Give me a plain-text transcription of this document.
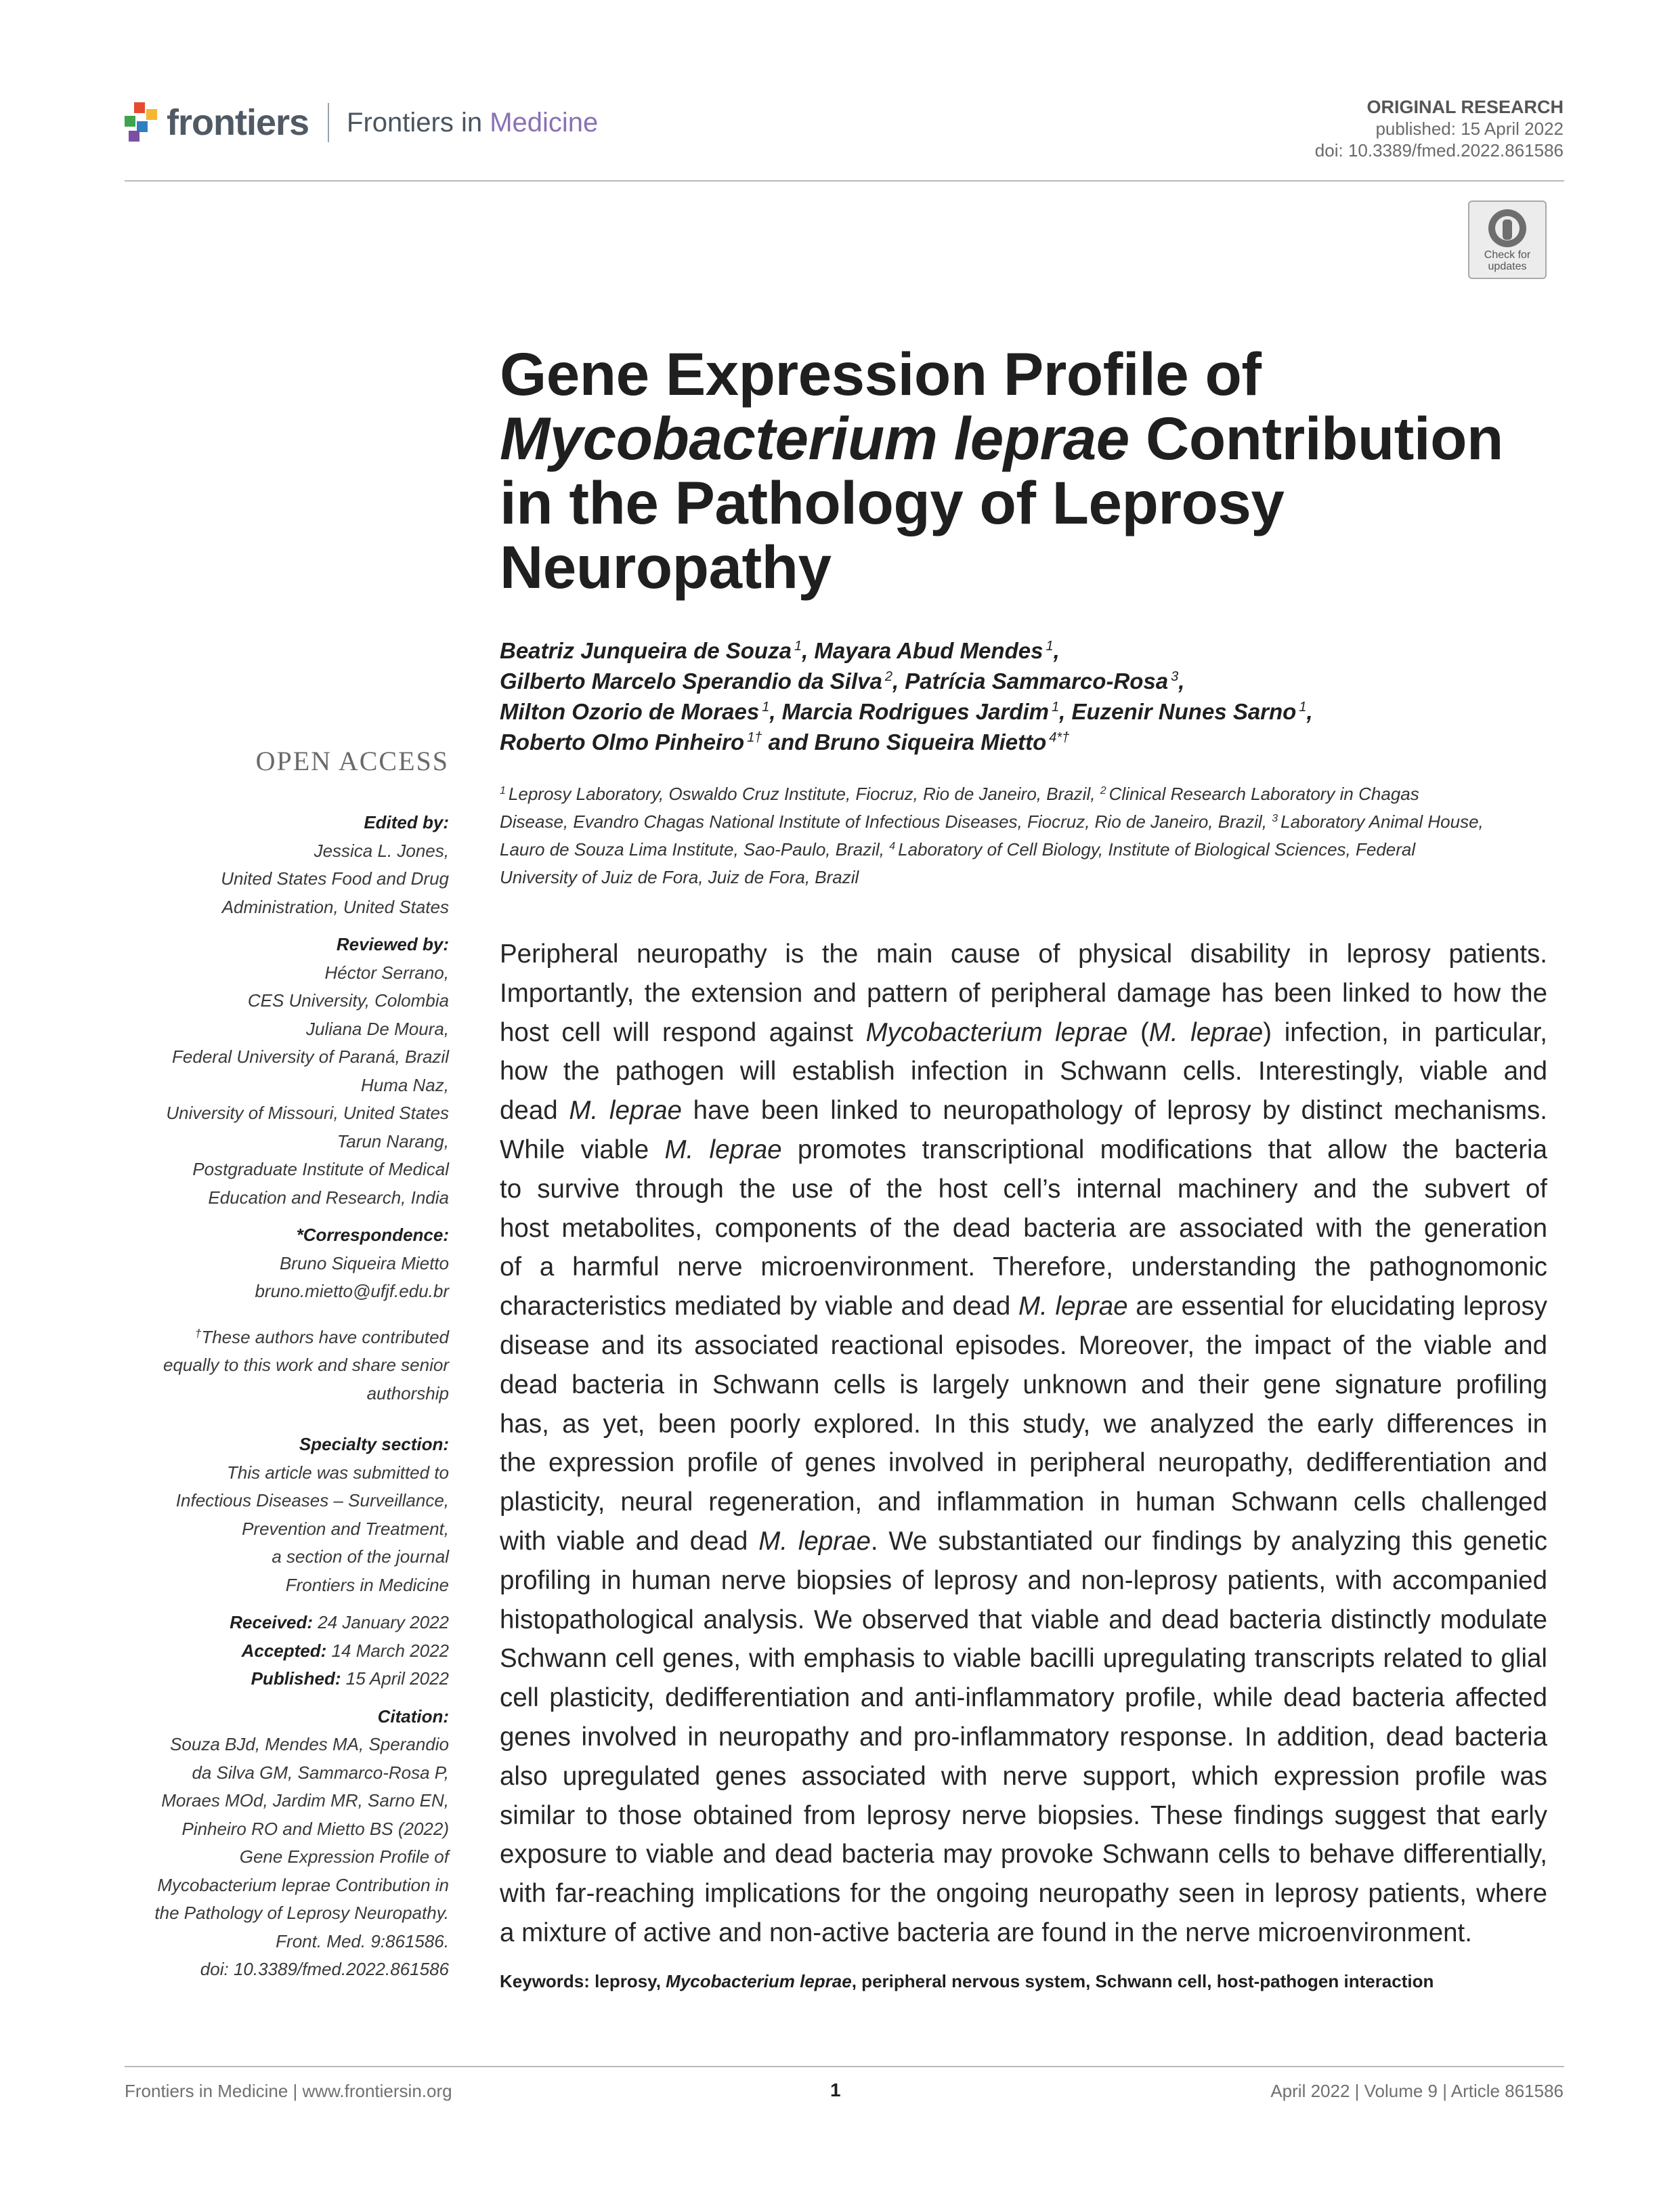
frontiers Frontiers in Medicine
ORIGINAL RESEARCH
published: 15 April 2022
doi: 10.3389/fmed.2022.861586
Check for
updates
Gene Expression Profile of
Mycobacterium leprae Contribution
in the Pathology of Leprosy
Neuropathy
Beatriz Junqueira de Souza $^1$, Mayara Abud Mendes $^1$,
Gilberto Marcelo Sperandio da Silva $^2$, Patrícia Sammarco-Rosa $^3$,
Milton Ozorio de Moraes $^1$, Marcia Rodrigues Jardim $^1$, Euzenir Nunes Sarno $^1$,
Roberto Olmo Pinheiro $^{1\dagger}$ and Bruno Siqueira Mietto $^{4*\dagger}$
$^1$ Leprosy Laboratory, Oswaldo Cruz Institute, Fiocruz, Rio de Janeiro, Brazil, $^2$ Clinical Research Laboratory in Chagas
Disease, Evandro Chagas National Institute of Infectious Diseases, Fiocruz, Rio de Janeiro, Brazil, $^3$ Laboratory Animal House,
Lauro de Souza Lima Institute, Sao-Paulo, Brazil, $^4$ Laboratory of Cell Biology, Institute of Biological Sciences, Federal
University of Juiz de Fora, Juiz de Fora, Brazil
OPEN ACCESS
Edited by:
Jessica L. Jones,
United States Food and Drug
Administration, United States
Reviewed by:
Héctor Serrano,
CES University, Colombia
Juliana De Moura,
Federal University of Paraná, Brazil
Huma Naz,
University of Missouri, United States
Tarun Narang,
Postgraduate Institute of Medical
Education and Research, India
*Correspondence:
Bruno Siqueira Mietto
bruno.mietto@ufjf.edu.br
†These authors have contributed
equally to this work and share senior
authorship
Specialty section:
This article was submitted to
Infectious Diseases – Surveillance,
Prevention and Treatment,
a section of the journal
Frontiers in Medicine
Received: 24 January 2022
Accepted: 14 March 2022
Published: 15 April 2022
Citation:
Souza BJd, Mendes MA, Sperandio
da Silva GM, Sammarco-Rosa P,
Moraes MOd, Jardim MR, Sarno EN,
Pinheiro RO and Mietto BS (2022)
Gene Expression Profile of
Mycobacterium leprae Contribution in
the Pathology of Leprosy Neuropathy.
Front. Med. 9:861586.
doi: 10.3389/fmed.2022.861586
Peripheral neuropathy is the main cause of physical disability in leprosy patients.
Importantly, the extension and pattern of peripheral damage has been linked to how the
host cell will respond against Mycobacterium leprae (M. leprae) infection, in particular,
how the pathogen will establish infection in Schwann cells. Interestingly, viable and
dead M. leprae have been linked to neuropathology of leprosy by distinct mechanisms.
While viable M. leprae promotes transcriptional modifications that allow the bacteria
to survive through the use of the host cell’s internal machinery and the subvert of
host metabolites, components of the dead bacteria are associated with the generation
of a harmful nerve microenvironment. Therefore, understanding the pathognomonic
characteristics mediated by viable and dead M. leprae are essential for elucidating leprosy
disease and its associated reactional episodes. Moreover, the impact of the viable and
dead bacteria in Schwann cells is largely unknown and their gene signature profiling
has, as yet, been poorly explored. In this study, we analyzed the early differences in
the expression profile of genes involved in peripheral neuropathy, dedifferentiation and
plasticity, neural regeneration, and inflammation in human Schwann cells challenged
with viable and dead M. leprae. We substantiated our findings by analyzing this genetic
profiling in human nerve biopsies of leprosy and non-leprosy patients, with accompanied
histopathological analysis. We observed that viable and dead bacteria distinctly modulate
Schwann cell genes, with emphasis to viable bacilli upregulating transcripts related to glial
cell plasticity, dedifferentiation and anti-inflammatory profile, while dead bacteria affected
genes involved in neuropathy and pro-inflammatory response. In addition, dead bacteria
also upregulated genes associated with nerve support, which expression profile was
similar to those obtained from leprosy nerve biopsies. These findings suggest that early
exposure to viable and dead bacteria may provoke Schwann cells to behave differentially,
with far-reaching implications for the ongoing neuropathy seen in leprosy patients, where
a mixture of active and non-active bacteria are found in the nerve microenvironment.
Keywords: leprosy, Mycobacterium leprae, peripheral nervous system, Schwann cell, host-pathogen interaction
Frontiers in Medicine | www.frontiersin.org	1	April 2022 | Volume 9 | Article 861586
